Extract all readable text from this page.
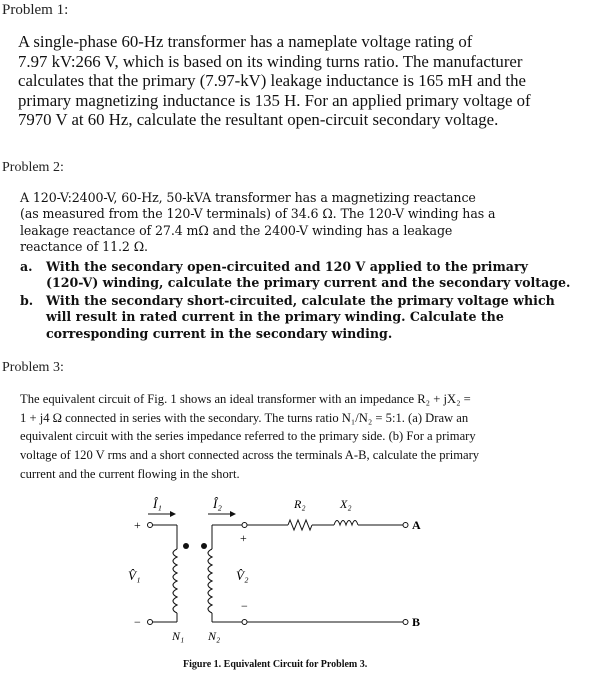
Problem 1:
A single-phase 60-Hz transformer has a nameplate voltage rating of
7.97 kV:266 V, which is based on its winding turns ratio. The manufacturer
calculates that the primary (7.97-kV) leakage inductance is 165 mH and the
primary magnetizing inductance is 135 H. For an applied primary voltage of
7970 V at 60 Hz, calculate the resultant open-circuit secondary voltage.
Problem 2:
A 120-V:2400-V, 60-Hz, 50-kVA transformer has a magnetizing reactance
(as measured from the 120-V terminals) of 34.6 Ω. The 120-V winding has a
leakage reactance of 27.4 mΩ and the 2400-V winding has a leakage
reactance of 11.2 Ω.
a. With the secondary open-circuited and 120 V applied to the primary
(120-V) winding, calculate the primary current and the secondary voltage.
b. With the secondary short-circuited, calculate the primary voltage which
will result in rated current in the primary winding. Calculate the
corresponding current in the secondary winding.
Problem 3:
The equivalent circuit of Fig. 1 shows an ideal transformer with an impedance R₂ + jX₂ =
1 + j4 Ω connected in series with the secondary. The turns ratio N₁/N₂ = 5:1. (a) Draw an
equivalent circuit with the series impedance referred to the primary side. (b) For a primary
voltage of 120 V rms and a short connected across the terminals A-B, calculate the primary
current and the current flowing in the short.
Î₁	Î₂	R₂	X₂
A
B
+
−
+
−
V̂₁	V̂₂
N₁ N₂
Figure 1. Equivalent Circuit for Problem 3.
